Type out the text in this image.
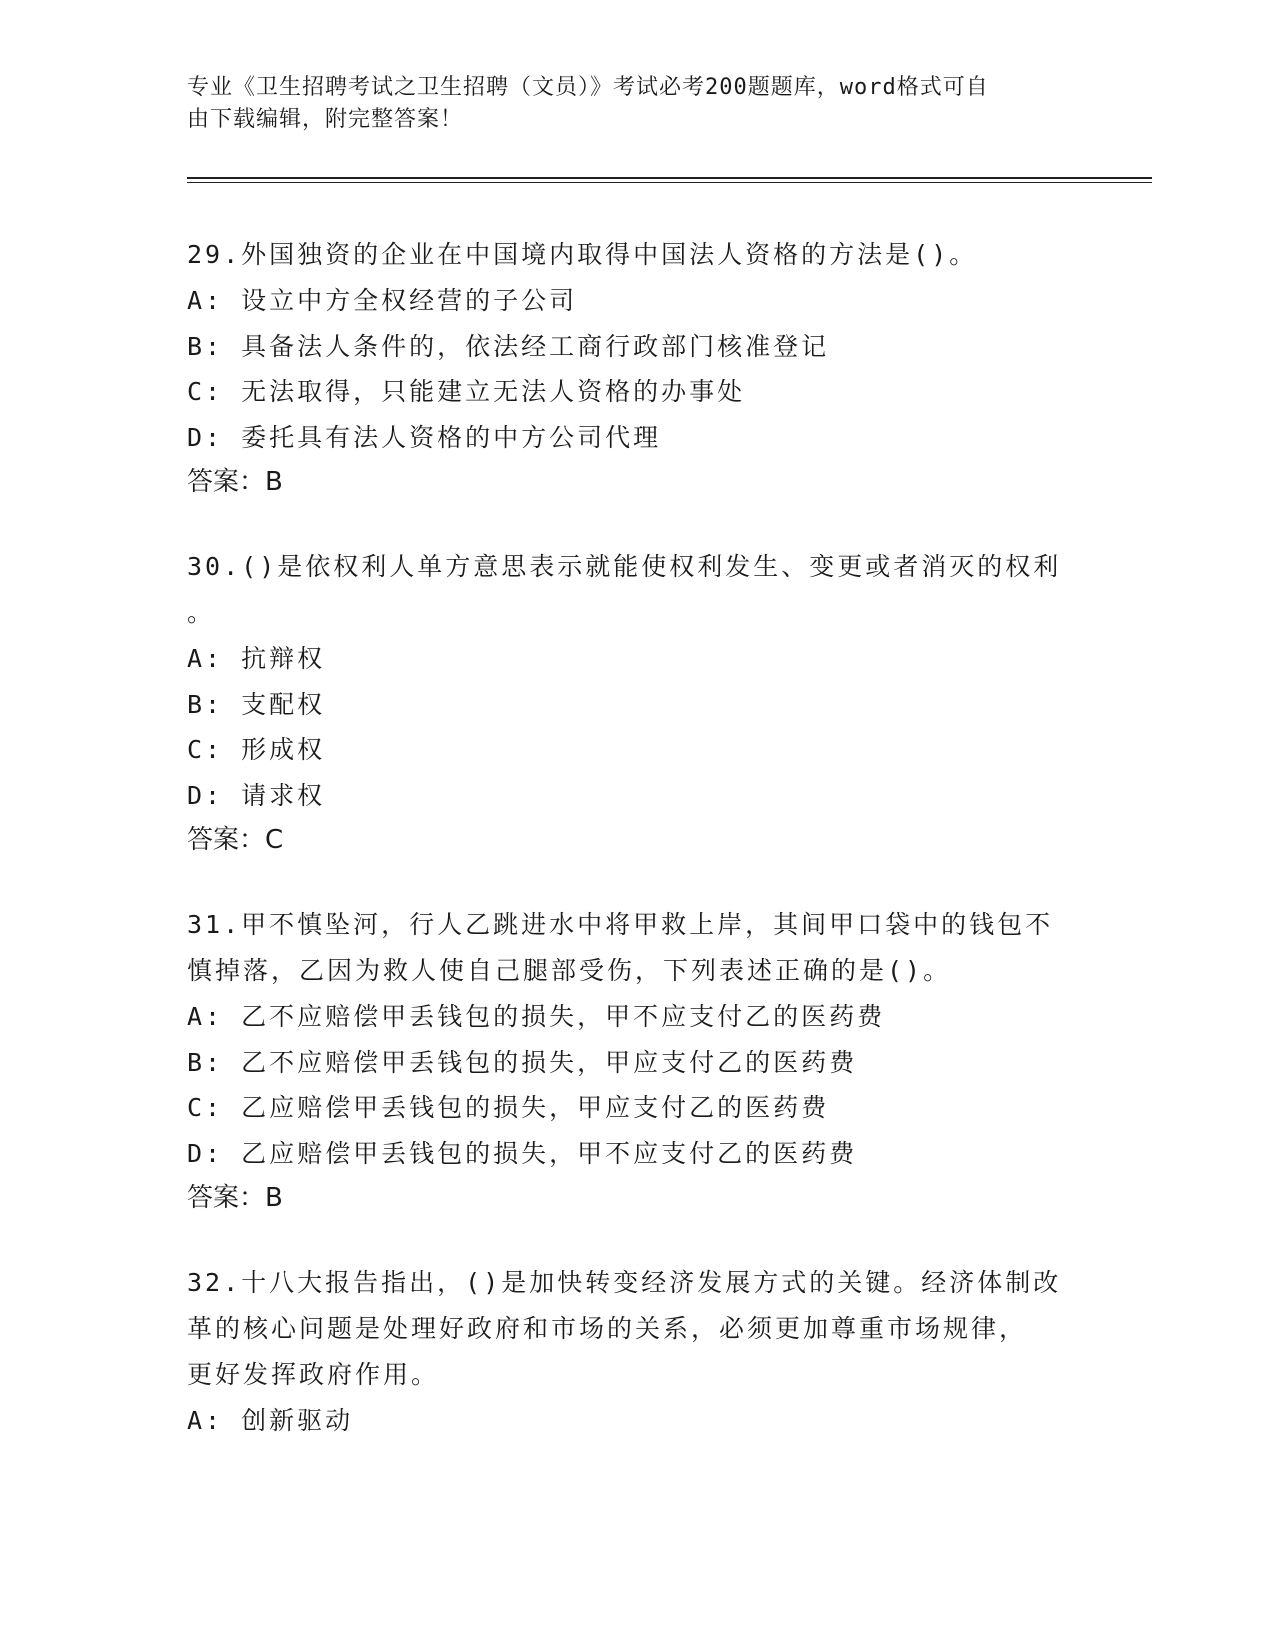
专业《卫生招聘考试之卫生招聘（文员）》考试必考200题题库，word格式可自
由下载编辑，附完整答案！

29.外国独资的企业在中国境内取得中国法人资格的方法是()。

A: 设立中方全权经营的子公司

B: 具备法人条件的，依法经工商行政部门核准登记

C: 无法取得，只能建立无法人资格的办事处

D: 委托具有法人资格的中方公司代理

答案：B

30.()是依权利人单方意思表示就能使权利发生、变更或者消灭的权利

。

A: 抗辩权

B: 支配权

C: 形成权

D: 请求权

答案：C

31.甲不慎坠河，行人乙跳进水中将甲救上岸，其间甲口袋中的钱包不

慎掉落，乙因为救人使自己腿部受伤，下列表述正确的是()。

A: 乙不应赔偿甲丢钱包的损失，甲不应支付乙的医药费

B: 乙不应赔偿甲丢钱包的损失，甲应支付乙的医药费

C: 乙应赔偿甲丢钱包的损失，甲应支付乙的医药费

D: 乙应赔偿甲丢钱包的损失，甲不应支付乙的医药费

答案：B

32.十八大报告指出，()是加快转变经济发展方式的关键。经济体制改

革的核心问题是处理好政府和市场的关系，必须更加尊重市场规律，

更好发挥政府作用。

A: 创新驱动
